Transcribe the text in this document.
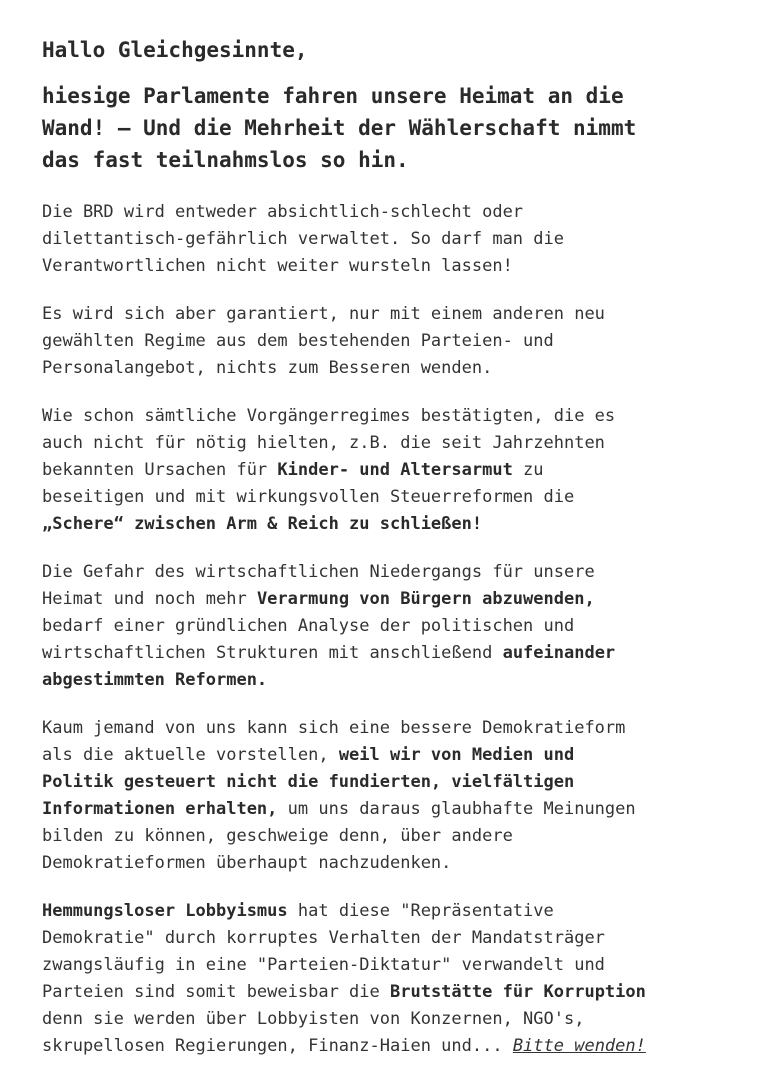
Hallo Gleichgesinnte,
hiesige Parlamente fahren unsere Heimat an die
Wand! – Und die Mehrheit der Wählerschaft nimmt
das fast teilnahmslos so hin.
Die BRD wird entweder absichtlich-schlecht oder
dilettantisch-gefährlich verwaltet. So darf man die
Verantwortlichen nicht weiter wursteln lassen!
Es wird sich aber garantiert, nur mit einem anderen neu
gewählten Regime aus dem bestehenden Parteien- und
Personalangebot, nichts zum Besseren wenden.
Wie schon sämtliche Vorgängerregimes bestätigten, die es
auch nicht für nötig hielten, z.B. die seit Jahrzehnten
bekannten Ursachen für Kinder- und Altersarmut zu
beseitigen und mit wirkungsvollen Steuerreformen die
„Schere“ zwischen Arm & Reich zu schließen!
Die Gefahr des wirtschaftlichen Niedergangs für unsere
Heimat und noch mehr Verarmung von Bürgern abzuwenden,
bedarf einer gründlichen Analyse der politischen und
wirtschaftlichen Strukturen mit anschließend aufeinander
abgestimmten Reformen.
Kaum jemand von uns kann sich eine bessere Demokratieform
als die aktuelle vorstellen, weil wir von Medien und
Politik gesteuert nicht die fundierten, vielfältigen
Informationen erhalten, um uns daraus glaubhafte Meinungen
bilden zu können, geschweige denn, über andere
Demokratieformen überhaupt nachzudenken.
Hemmungsloser Lobbyismus hat diese "Repräsentative
Demokratie" durch korruptes Verhalten der Mandatsträger
zwangsläufig in eine "Parteien-Diktatur" verwandelt und
Parteien sind somit beweisbar die Brutstätte für Korruption
denn sie werden über Lobbyisten von Konzernen, NGO's,
skrupellosen Regierungen, Finanz-Haien und... Bitte wenden!
